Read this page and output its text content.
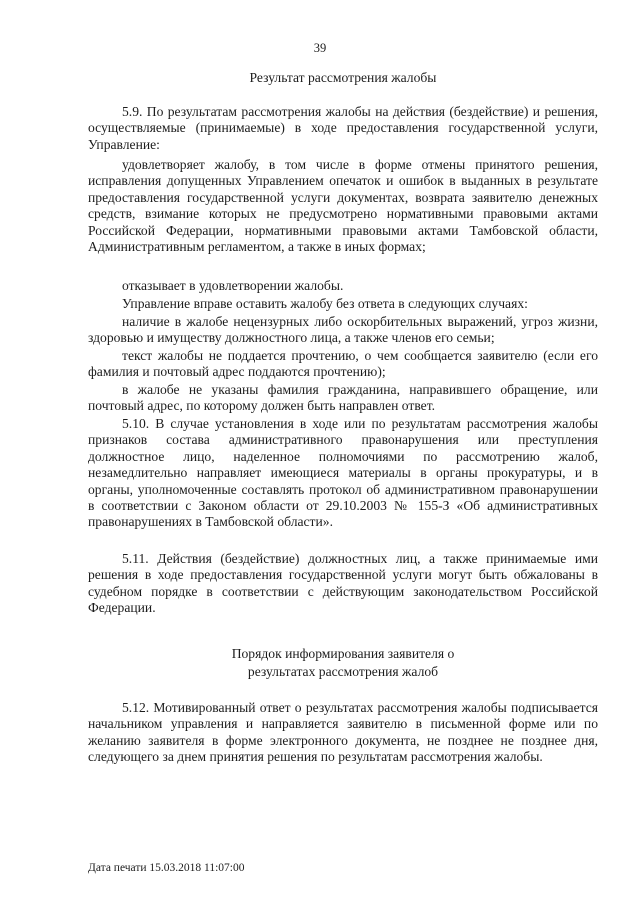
39
Результат рассмотрения жалобы
5.9. По результатам рассмотрения жалобы на действия (бездействие) и решения, осуществляемые (принимаемые) в ходе предоставления государственной услуги, Управление:
удовлетворяет жалобу, в том числе в форме отмены принятого решения, исправления допущенных Управлением опечаток и ошибок в выданных в результате предоставления государственной услуги документах, возврата заявителю денежных средств, взимание которых не предусмотрено нормативными правовыми актами Российской Федерации, нормативными правовыми актами Тамбовской области, Административным регламентом, а также в иных формах;
отказывает в удовлетворении жалобы.
Управление вправе оставить жалобу без ответа в следующих случаях:
наличие в жалобе нецензурных либо оскорбительных выражений, угроз жизни, здоровью и имуществу должностного лица, а также членов его семьи;
текст жалобы не поддается прочтению, о чем сообщается заявителю (если его фамилия и почтовый адрес поддаются прочтению);
в жалобе не указаны фамилия гражданина, направившего обращение, или почтовый адрес, по которому должен быть направлен ответ.
5.10. В случае установления в ходе или по результатам рассмотрения жалобы признаков состава административного правонарушения или преступления должностное лицо, наделенное полномочиями по рассмотрению жалоб, незамедлительно направляет имеющиеся материалы в органы прокуратуры, и в органы, уполномоченные составлять протокол об административном правонарушении в соответствии с Законом области от 29.10.2003 № 155-З «Об административных правонарушениях в Тамбовской области».
5.11. Действия (бездействие) должностных лиц, а также принимаемые ими решения в ходе предоставления государственной услуги могут быть обжалованы в судебном порядке в соответствии с действующим законодательством Российской Федерации.
Порядок информирования заявителя о
результатах рассмотрения жалоб
5.12. Мотивированный ответ о результатах рассмотрения жалобы подписывается начальником управления и направляется заявителю в письменной форме или по желанию заявителя в форме электронного документа, не позднее не позднее дня, следующего за днем принятия решения по результатам рассмотрения жалобы.
Дата печати 15.03.2018 11:07:00
